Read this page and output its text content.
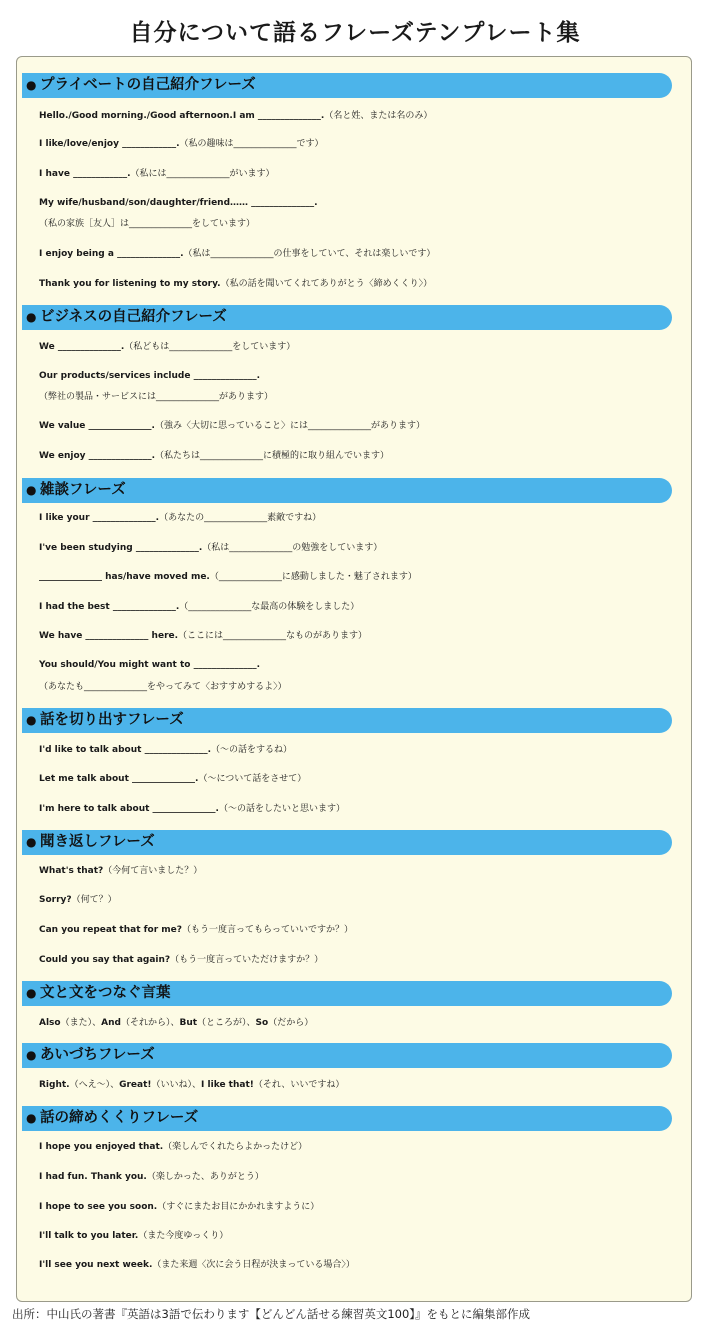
自分について語るフレーズテンプレート集
● プライベートの自己紹介フレーズ
Hello./Good morning./Good afternoon.I am ______________.（名と姓、または名のみ）
I like/love/enjoy ____________.（私の趣味は______________です）
I have ____________.（私には______________がいます）
My wife/husband/son/daughter/friend…… ______________.
（私の家族［友人］は______________をしています）
I enjoy being a ______________.（私は______________の仕事をしていて、それは楽しいです）
Thank you for listening to my story.（私の話を聞いてくれてありがとう〈締めくくり〉）
● ビジネスの自己紹介フレーズ
We ______________.（私どもは______________をしています）
Our products/services include ______________.
（弊社の製品・サービスには______________があります）
We value ______________.（強み〈大切に思っていること〉には______________があります）
We enjoy ______________.（私たちは______________に積極的に取り組んでいます）
● 雑談フレーズ
I like your ______________.（あなたの______________素敵ですね）
I've been studying ______________.（私は______________の勉強をしています）
______________ has/have moved me.（______________に感動しました・魅了されます）
I had the best ______________.（______________な最高の体験をしました）
We have ______________ here.（ここには______________なものがあります）
You should/You might want to ______________.
（あなたも______________をやってみて〈おすすめするよ〉）
● 話を切り出すフレーズ
I'd like to talk about ______________.（〜の話をするね）
Let me talk about ______________.（〜について話をさせて）
I'm here to talk about ______________.（〜の話をしたいと思います）
● 聞き返しフレーズ
What's that?（今何て言いました？）
Sorry?（何て？）
Can you repeat that for me?（もう一度言ってもらっていいですか？）
Could you say that again?（もう一度言っていただけますか？）
● 文と文をつなぐ言葉
Also（また）、And（それから）、But（ところが）、So（だから）
● あいづちフレーズ
Right.（へえ〜）、Great!（いいね）、I like that!（それ、いいですね）
● 話の締めくくりフレーズ
I hope you enjoyed that.（楽しんでくれたらよかったけど）
I had fun. Thank you.（楽しかった、ありがとう）
I hope to see you soon.（すぐにまたお目にかかれますように）
I'll talk to you later.（また今度ゆっくり）
I'll see you next week.（また来週〈次に会う日程が決まっている場合〉）
出所：中山氏の著書『英語は3語で伝わります【どんどん話せる練習英文100】』をもとに編集部作成
